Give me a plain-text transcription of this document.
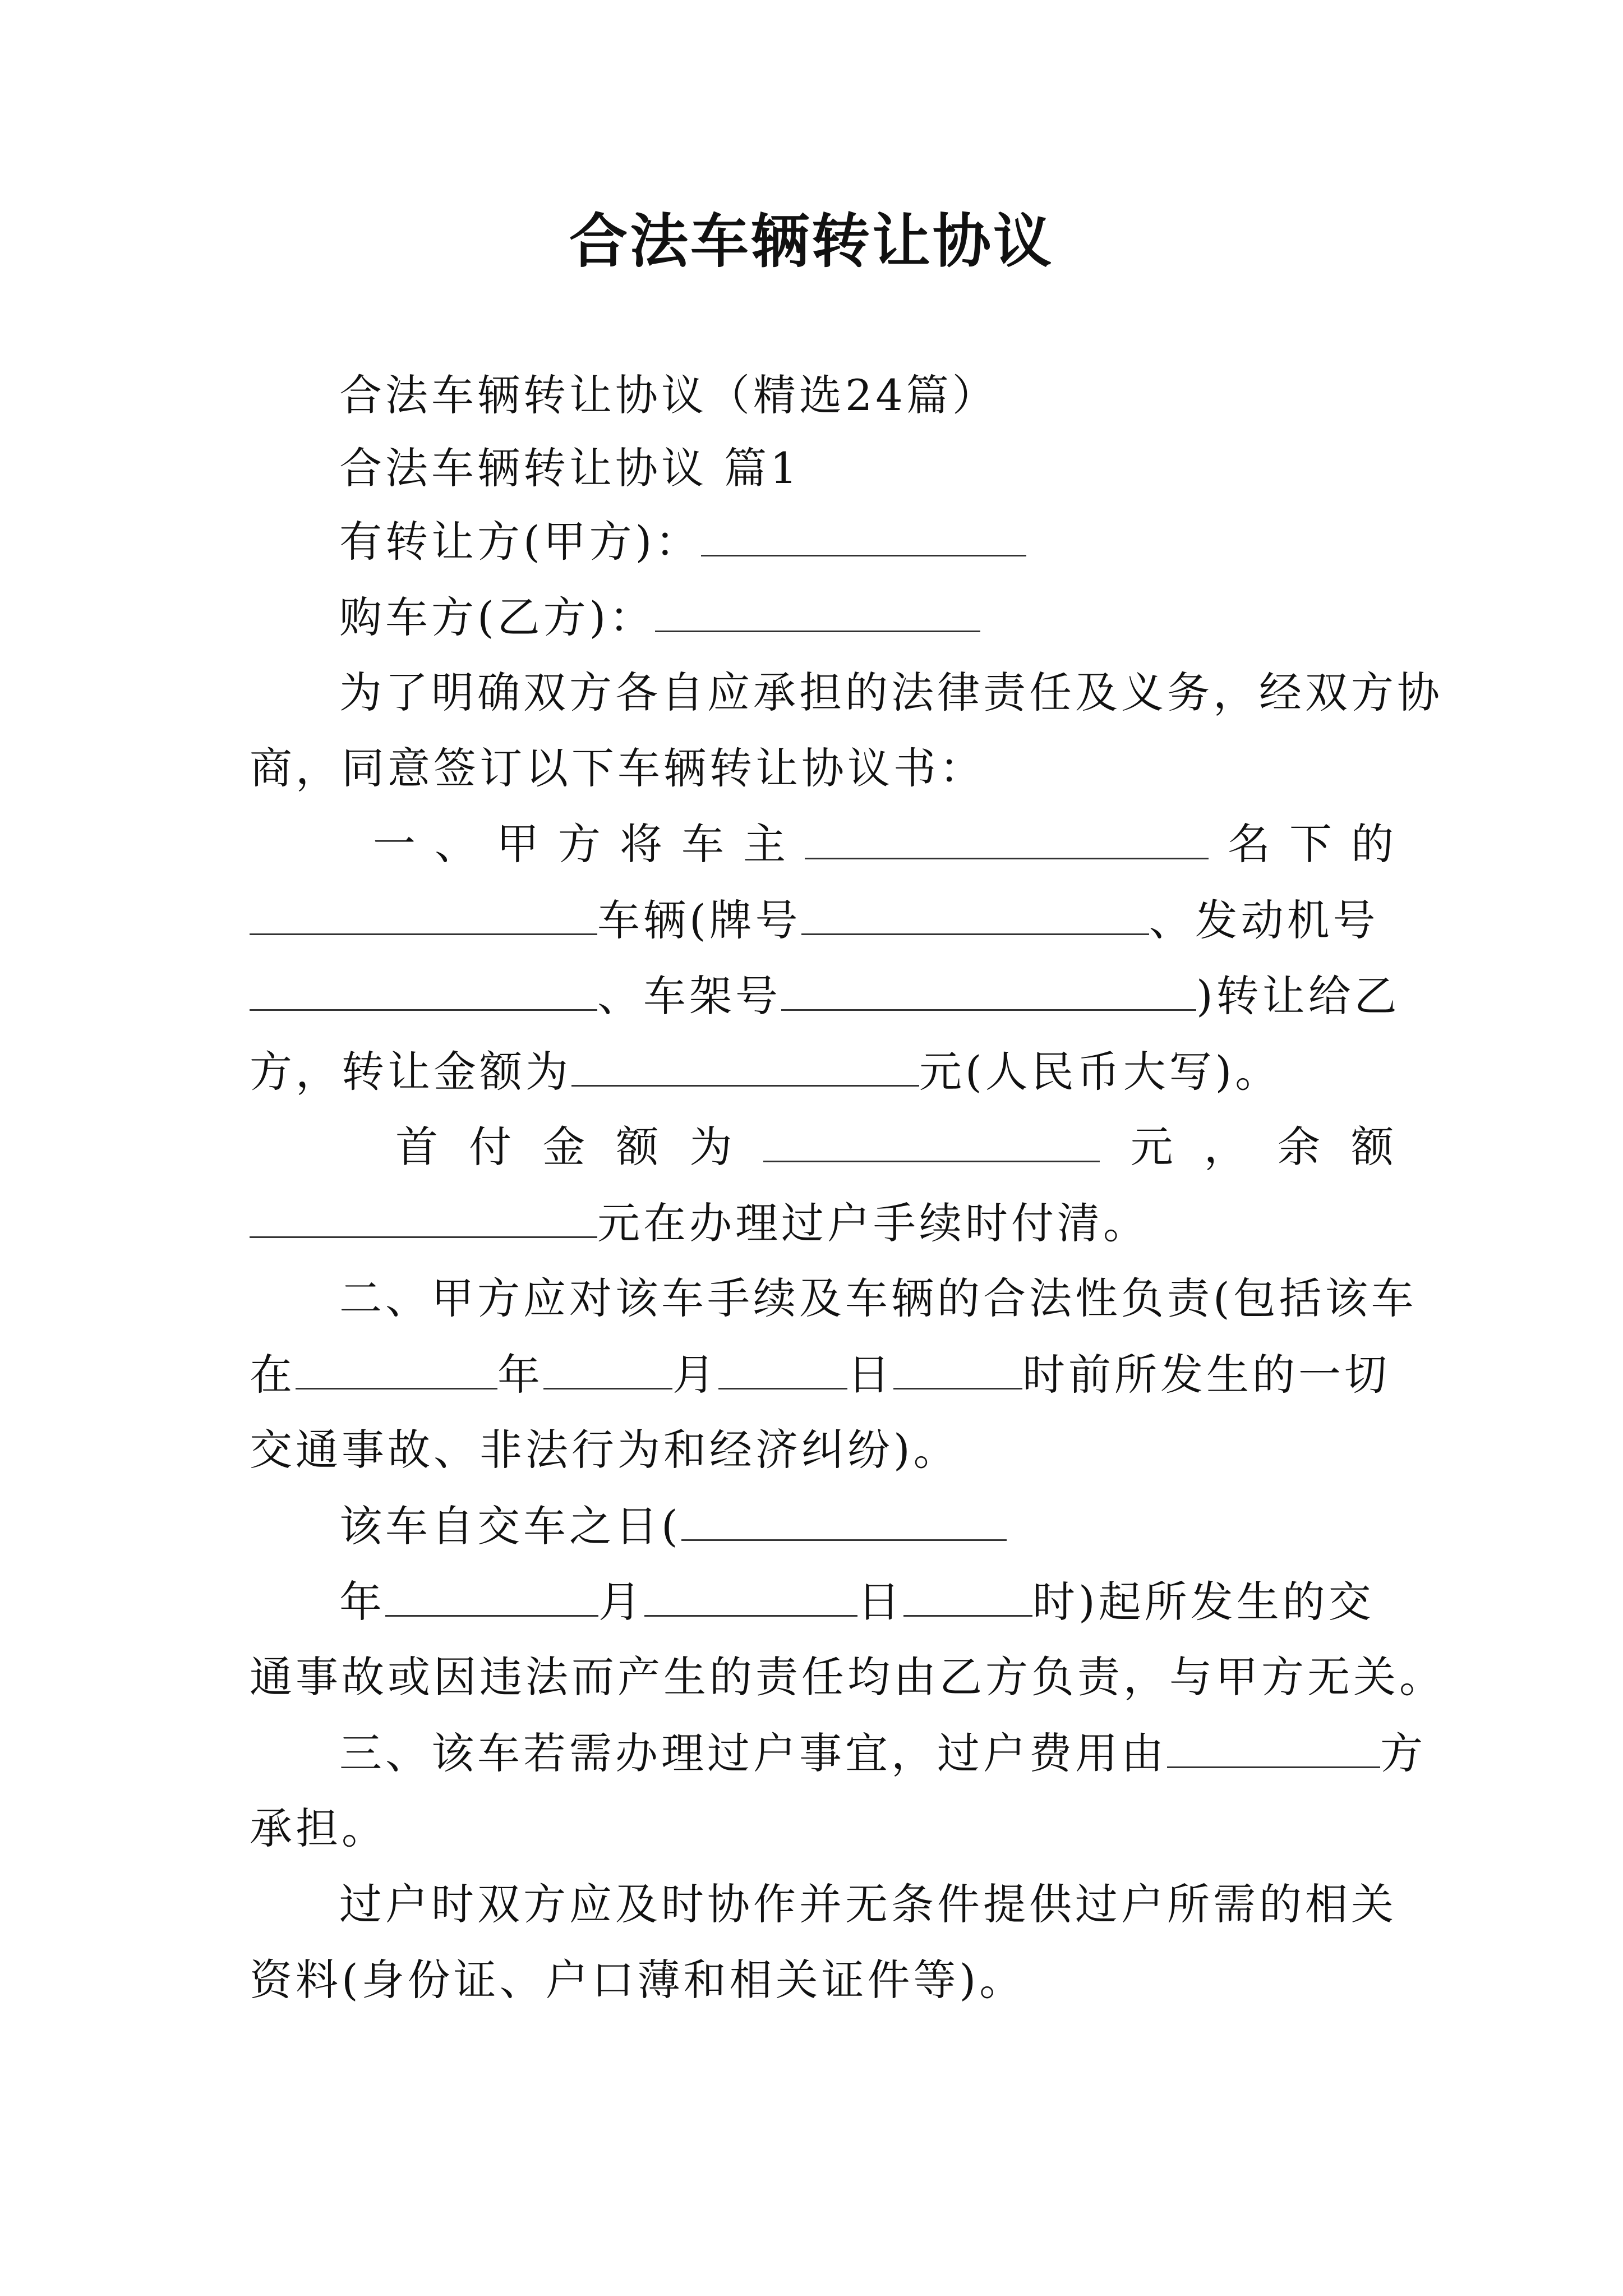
合法车辆转让协议
合法车辆转让协议（精选24篇）
合法车辆转让协议 篇1
有转让方(甲方)：
购车方(乙方)：
为了明确双方各自应承担的法律责任及义务，经双方协
商，同意签订以下车辆转让协议书：
一 、 甲 方 将 车 主	名 下 的
车辆(牌号	、发动机号
、车架号	)转让给乙
方，转让金额为	元(人民币大写)。
首 付 金 额 为	元 ， 余 额
元在办理过户手续时付清。
二、甲方应对该车手续及车辆的合法性负责(包括该车
在	年	月	日	时前所发生的一切
交通事故、非法行为和经济纠纷)。
该车自交车之日(
年	月	日	时)起所发生的交
通事故或因违法而产生的责任均由乙方负责，与甲方无关。
三、该车若需办理过户事宜，过户费用由	方
承担。
过户时双方应及时协作并无条件提供过户所需的相关
资料(身份证、户口薄和相关证件等)。
